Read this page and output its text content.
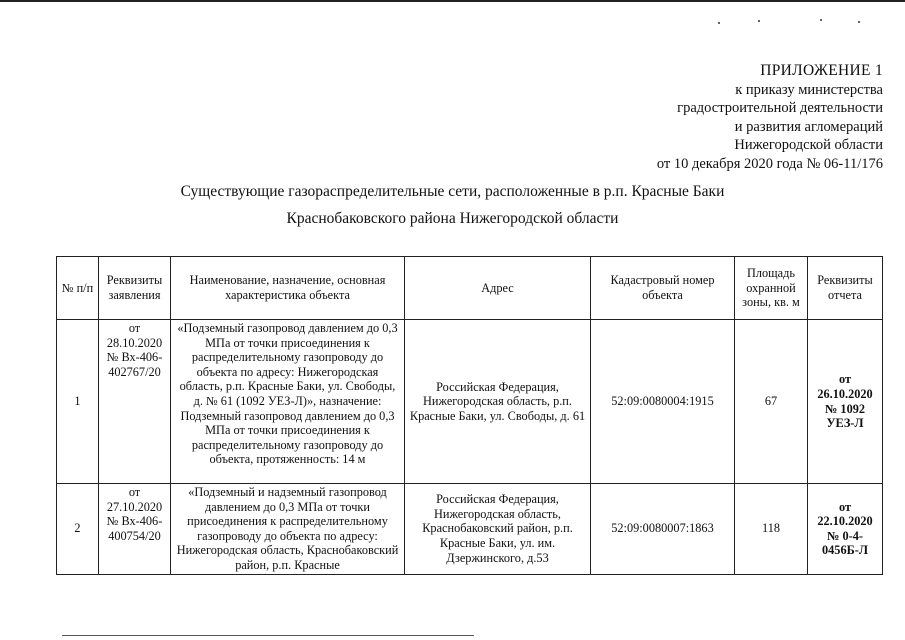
ПРИЛОЖЕНИЕ 1
к приказу министерства
градостроительной деятельности
и развития агломераций
Нижегородской области
от 10 декабря 2020 года № 06-11/176
Существующие газораспределительные сети, расположенные в р.п. Красные Баки
Краснобаковского района Нижегородской области
№ п/п	Реквизиты заявления	Наименование, назначение, основная характеристика объекта	Адрес	Кадастровый номер объекта	Площадь охранной зоны, кв. м	Реквизиты отчета
1	от 28.10.2020 № Вх-406-402767/20	«Подземный газопровод давлением до 0,3 МПа от точки присоединения к распределительному газопроводу до объекта по адресу: Нижегородская область, р.п. Красные Баки, ул. Свободы, д. № 61 (1092 УЕЗ-Л)», назначение: Подземный газопровод давлением до 0,3 МПа от точки присоединения к распределительному газопроводу до объекта, протяженность: 14 м	Российская Федерация, Нижегородская область, р.п. Красные Баки, ул. Свободы, д. 61	52:09:0080004:1915	67	от 26.10.2020 № 1092 УЕЗ-Л
2	от 27.10.2020 № Вх-406-400754/20	«Подземный и надземный газопровод давлением до 0,3 МПа от точки присоединения к распределительному газопроводу до объекта по адресу: Нижегородская область, Краснобаковский район, р.п. Красные	Российская Федерация, Нижегородская область, Краснобаковский район, р.п. Красные Баки, ул. им. Дзержинского, д.53	52:09:0080007:1863	118	от 22.10.2020 № 0-4-0456Б-Л
